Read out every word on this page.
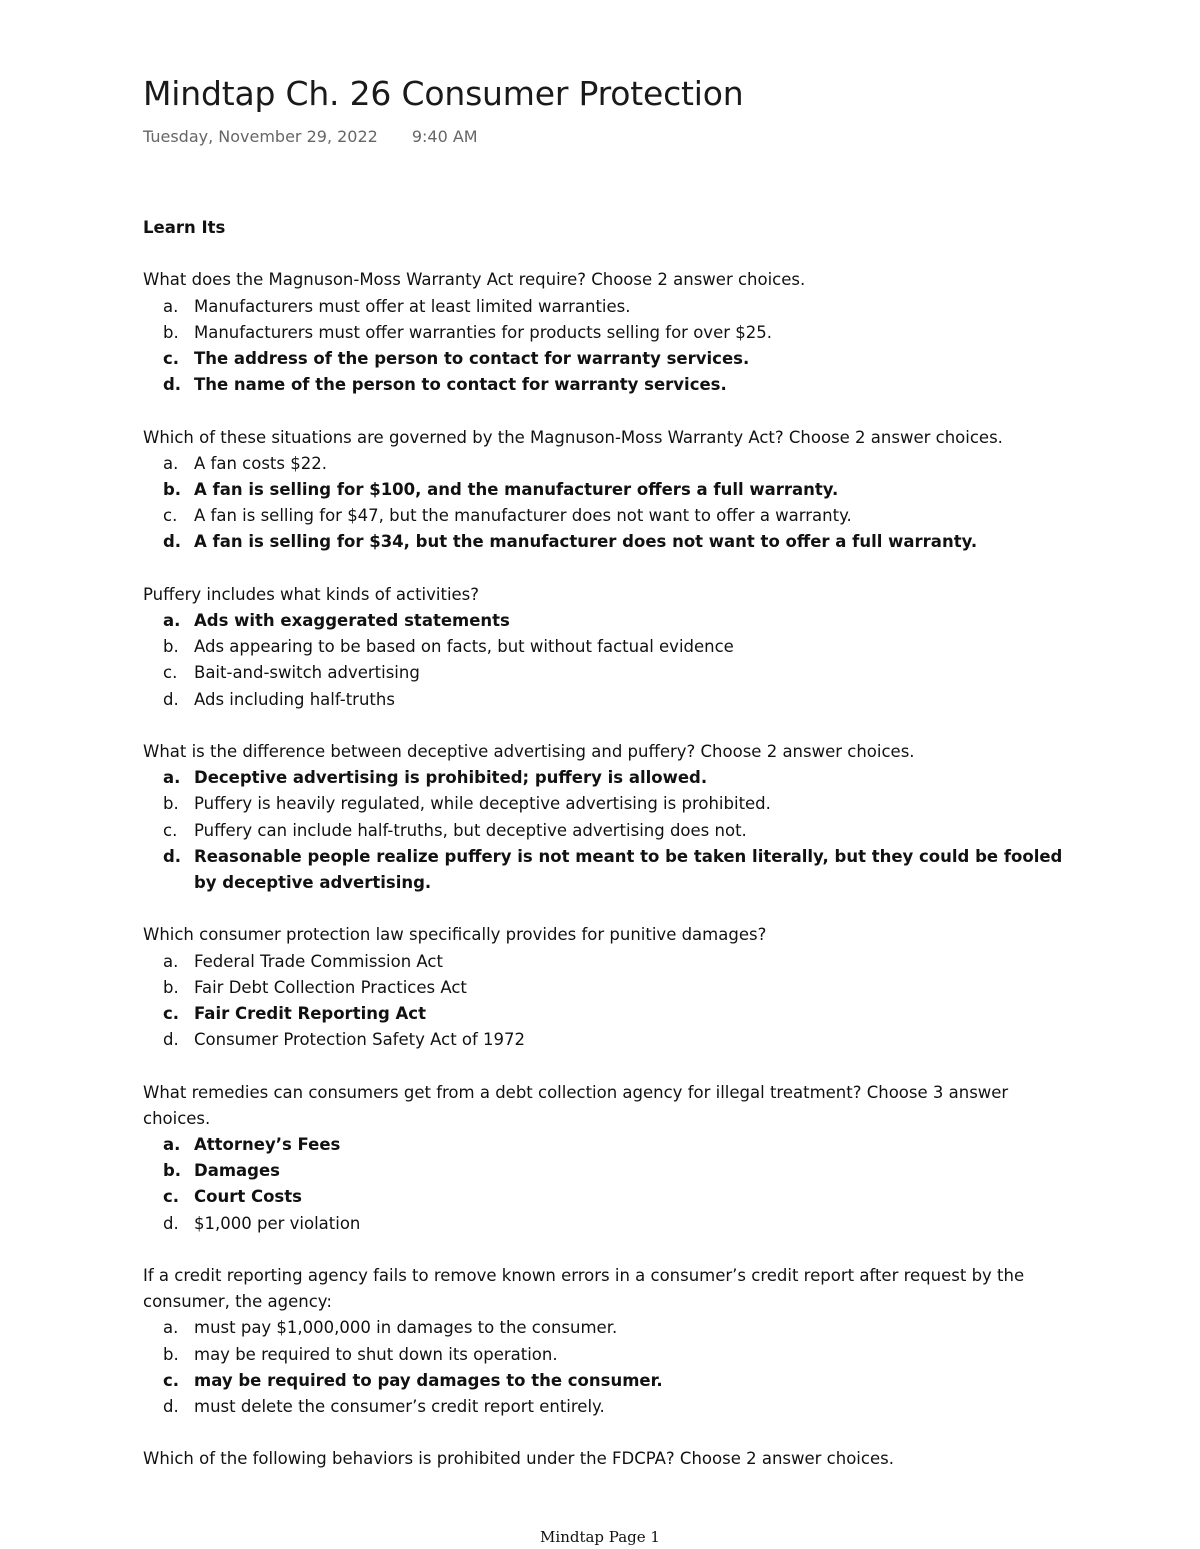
Mindtap Ch. 26 Consumer Protection
Tuesday, November 29, 2022 9:40 AM

Learn Its

What does the Magnuson-Moss Warranty Act require? Choose 2 answer choices.

a. Manufacturers must offer at least limited warranties.
b. Manufacturers must offer warranties for products selling for over $25.
c. The address of the person to contact for warranty services.
d. The name of the person to contact for warranty services.

Which of these situations are governed by the Magnuson-Moss Warranty Act? Choose 2 answer choices.

a. A fan costs $22.
b. A fan is selling for $100, and the manufacturer offers a full warranty.
c.	A fan is selling for $47, but the manufacturer does not want to offer a warranty.
d. A fan is selling for $34, but the manufacturer does not want to offer a full warranty.

Puffery includes what kinds of activities?

a. Ads with exaggerated statements
b. Ads appearing to be based on facts, but without factual evidence
c.	Bait-and-switch advertising
d. Ads including half-truths

What is the difference between deceptive advertising and puffery? Choose 2 answer choices.

a. Deceptive advertising is prohibited; puffery is allowed.
b. Puffery is heavily regulated, while deceptive advertising is prohibited.
c.	Puffery can include half-truths, but deceptive advertising does not.
d. Reasonable people realize puffery is not meant to be taken literally, but they could be fooled by deceptive advertising.

Which consumer protection law specifically provides for punitive damages?

a. Federal Trade Commission Act
b. Fair Debt Collection Practices Act
c. Fair Credit Reporting Act
d. Consumer Protection Safety Act of 1972

What remedies can consumers get from a debt collection agency for illegal treatment? Choose 3 answer choices.

a. Attorney’s Fees
b. Damages
c. Court Costs
d. $1,000 per violation

If a credit reporting agency fails to remove known errors in a consumer’s credit report after request by the consumer, the agency:

a. must pay $1,000,000 in damages to the consumer.
b. may be required to shut down its operation.
c. may be required to pay damages to the consumer.
d. must delete the consumer’s credit report entirely.

Which of the following behaviors is prohibited under the FDCPA? Choose 2 answer choices.

Mindtap Page 1
